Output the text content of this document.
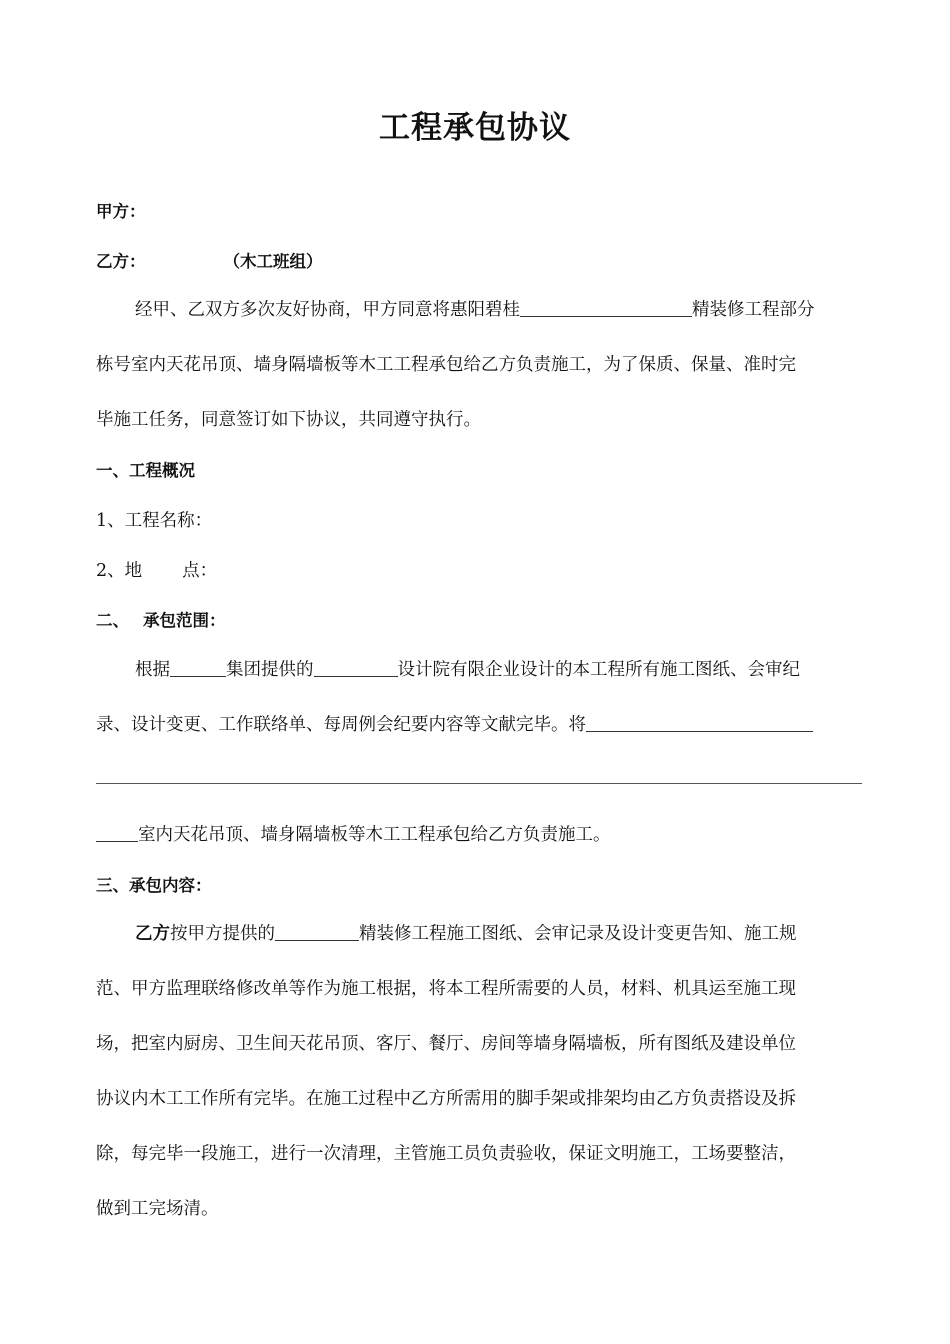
工程承包协议
甲方：
乙方：	（木工班组）
经甲、乙双方多次友好协商，甲方同意将惠阳碧桂	精装修工程部分
栋号室内天花吊顶、墙身隔墙板等木工工程承包给乙方负责施工，为了保质、保量、准时完
毕施工任务，同意签订如下协议，共同遵守执行。
一、工程概况
1、工程名称：
2、地 点：
二、 承包范围：
根据	集团提供的	设计院有限企业设计的本工程所有施工图纸、会审纪
录、设计变更、工作联络单、每周例会纪要内容等文献完毕。将
室内天花吊顶、墙身隔墙板等木工工程承包给乙方负责施工。
三、承包内容：
乙方按甲方提供的	精装修工程施工图纸、会审记录及设计变更告知、施工规
范、甲方监理联络修改单等作为施工根据，将本工程所需要的人员，材料、机具运至施工现
场，把室内厨房、卫生间天花吊顶、客厅、餐厅、房间等墙身隔墙板，所有图纸及建设单位
协议内木工工作所有完毕。在施工过程中乙方所需用的脚手架或排架均由乙方负责搭设及拆
除，每完毕一段施工，进行一次清理，主管施工员负责验收，保证文明施工，工场要整洁，
做到工完场清。
